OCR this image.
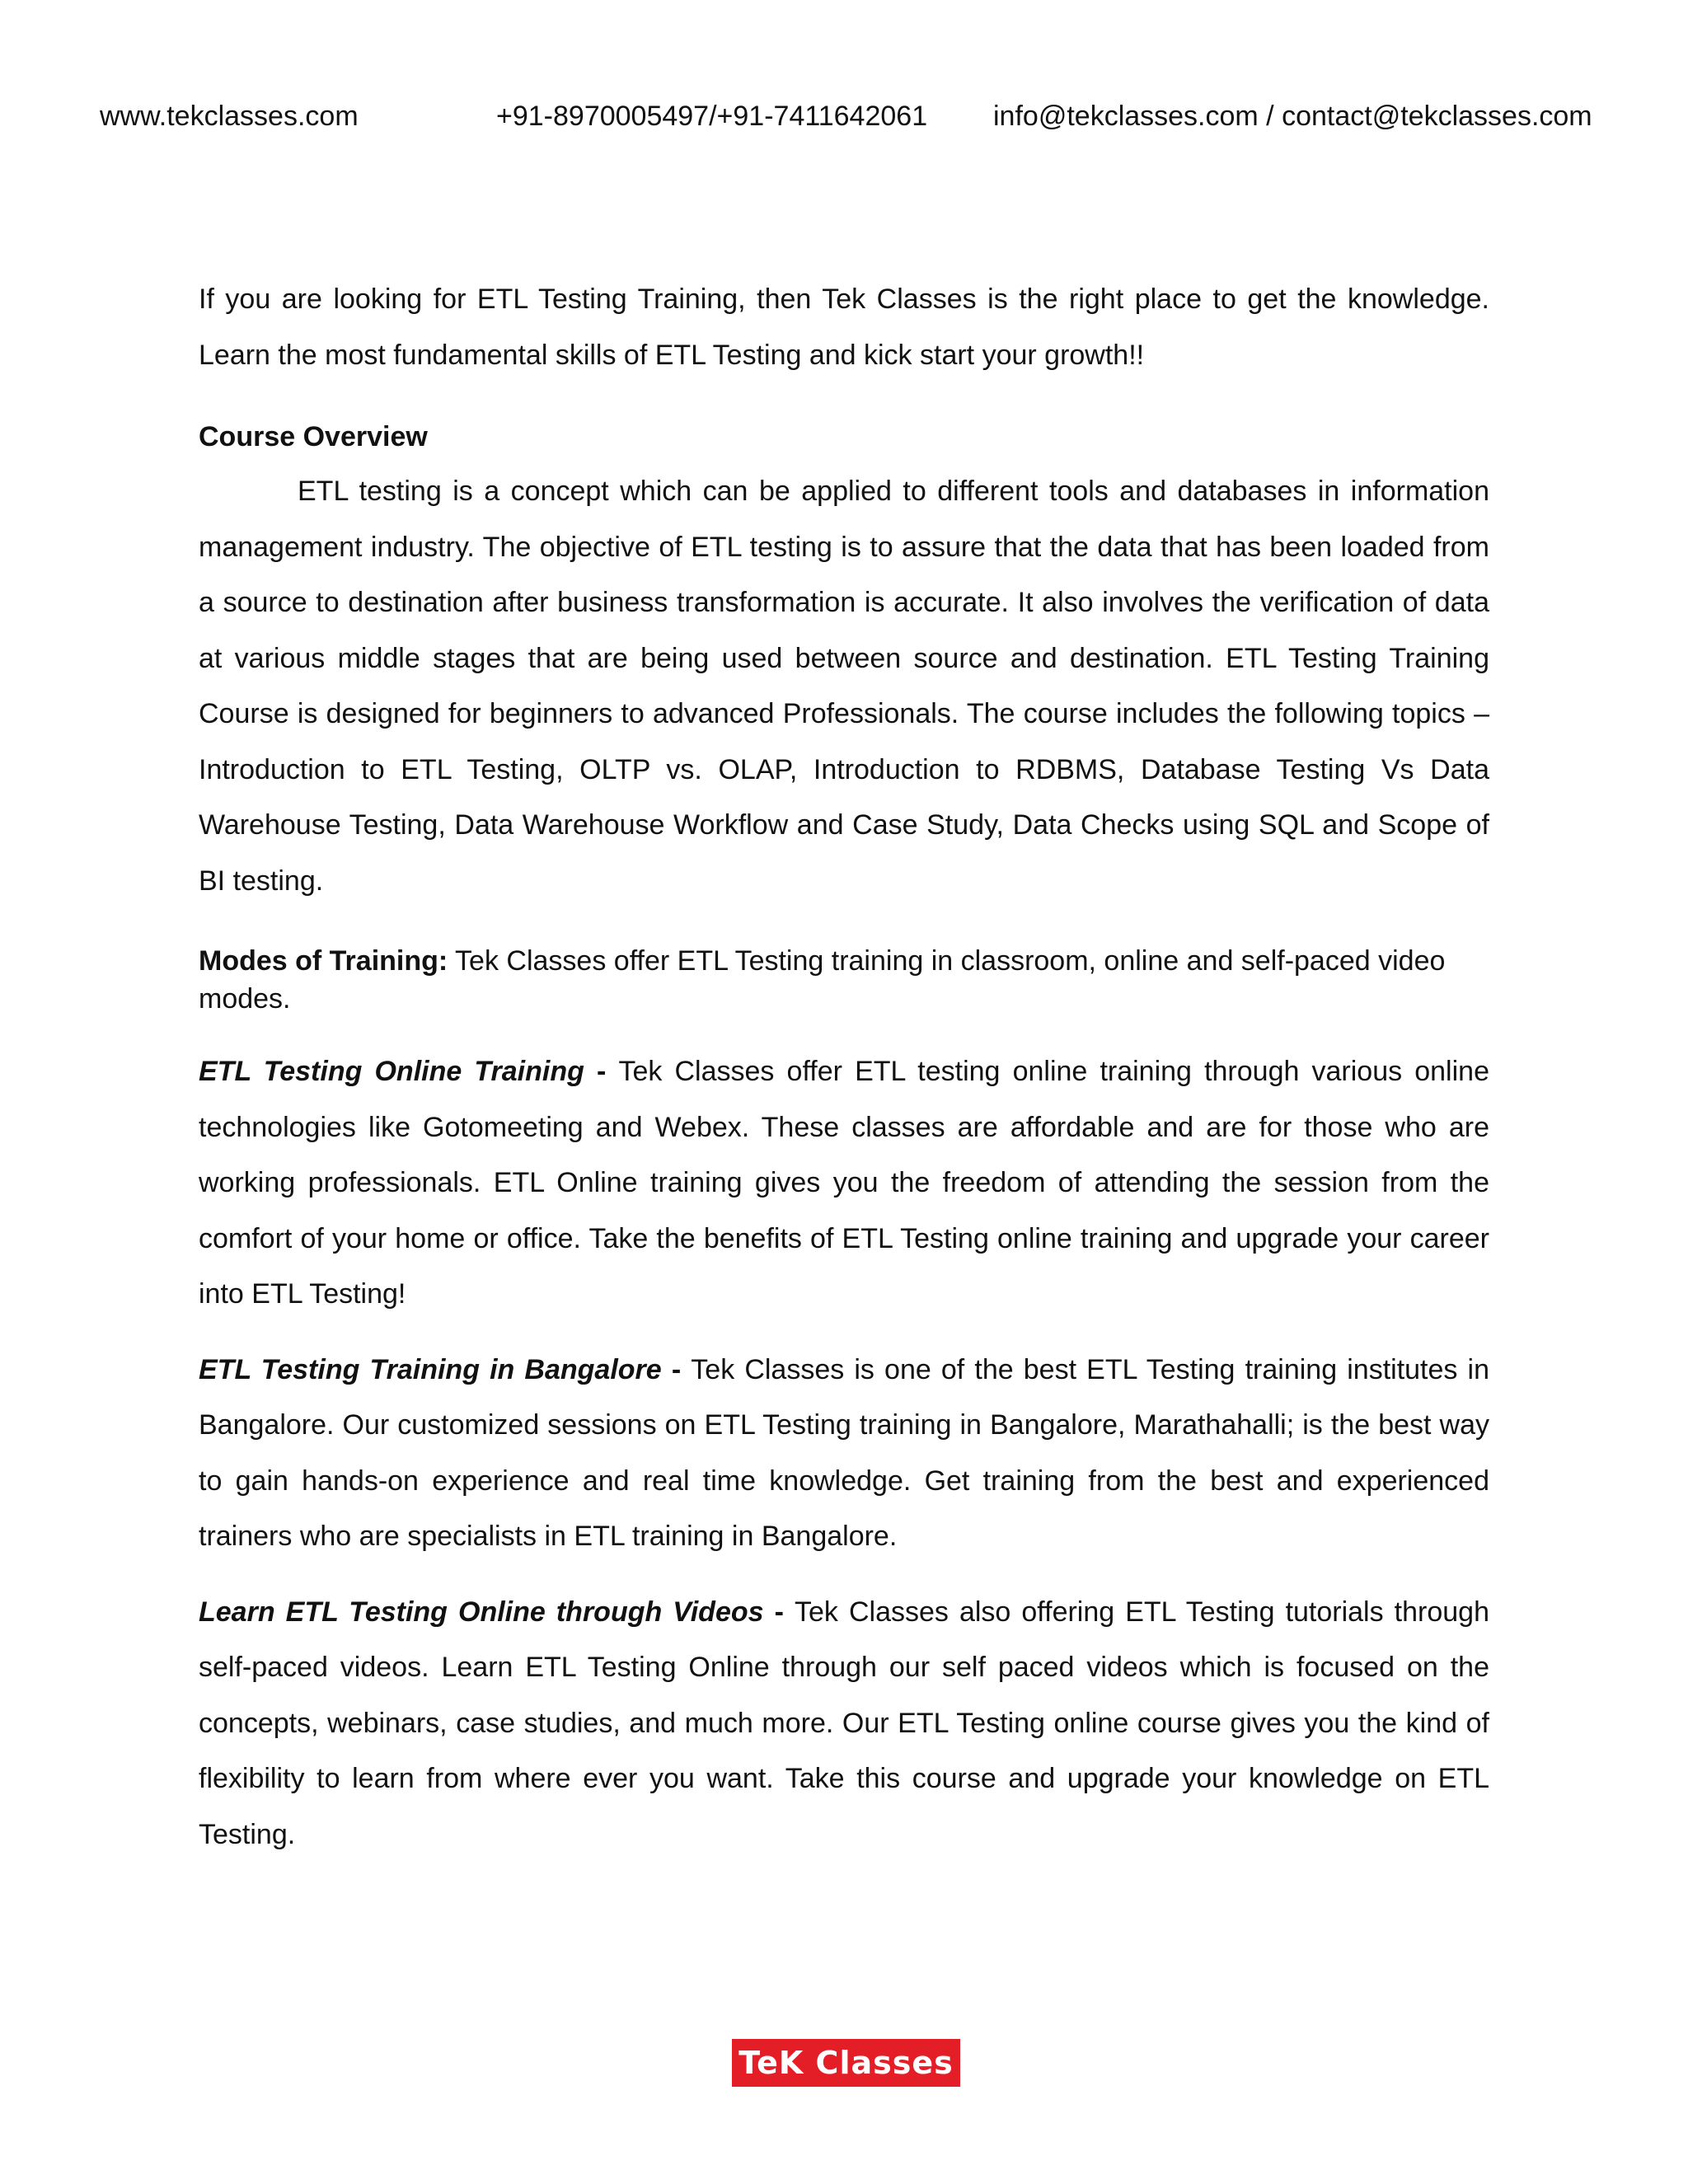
www.tekclasses.com	+91-8970005497/+91-7411642061 info@tekclasses.com / contact@tekclasses.com

If you are looking for ETL Testing Training, then Tek Classes is the right place to get the knowledge. Learn the most fundamental skills of ETL Testing and kick start your growth!!

Course Overview

ETL testing is a concept which can be applied to different tools and databases in information management industry. The objective of ETL testing is to assure that the data that has been loaded from a source to destination after business transformation is accurate. It also involves the verification of data at various middle stages that are being used between source and destination. ETL Testing Training Course is designed for beginners to advanced Professionals. The course includes the following topics – Introduction to ETL Testing, OLTP vs. OLAP, Introduction to RDBMS, Database Testing Vs Data Warehouse Testing, Data Warehouse Workflow and Case Study, Data Checks using SQL and Scope of BI testing.

Modes of Training: Tek Classes offer ETL Testing training in classroom, online and self-paced video modes.

ETL Testing Online Training - Tek Classes offer ETL testing online training through various online technologies like Gotomeeting and Webex. These classes are affordable and are for those who are working professionals. ETL Online training gives you the freedom of attending the session from the comfort of your home or office. Take the benefits of ETL Testing online training and upgrade your career into ETL Testing!

ETL Testing Training in Bangalore - Tek Classes is one of the best ETL Testing training institutes in Bangalore. Our customized sessions on ETL Testing training in Bangalore, Marathahalli; is the best way to gain hands-on experience and real time knowledge. Get training from the best and experienced trainers who are specialists in ETL training in Bangalore.

Learn ETL Testing Online through Videos - Tek Classes also offering ETL Testing tutorials through self-paced videos. Learn ETL Testing Online through our self paced videos which is focused on the concepts, webinars, case studies, and much more. Our ETL Testing online course gives you the kind of flexibility to learn from where ever you want. Take this course and upgrade your knowledge on ETL Testing.

TeK Classes
